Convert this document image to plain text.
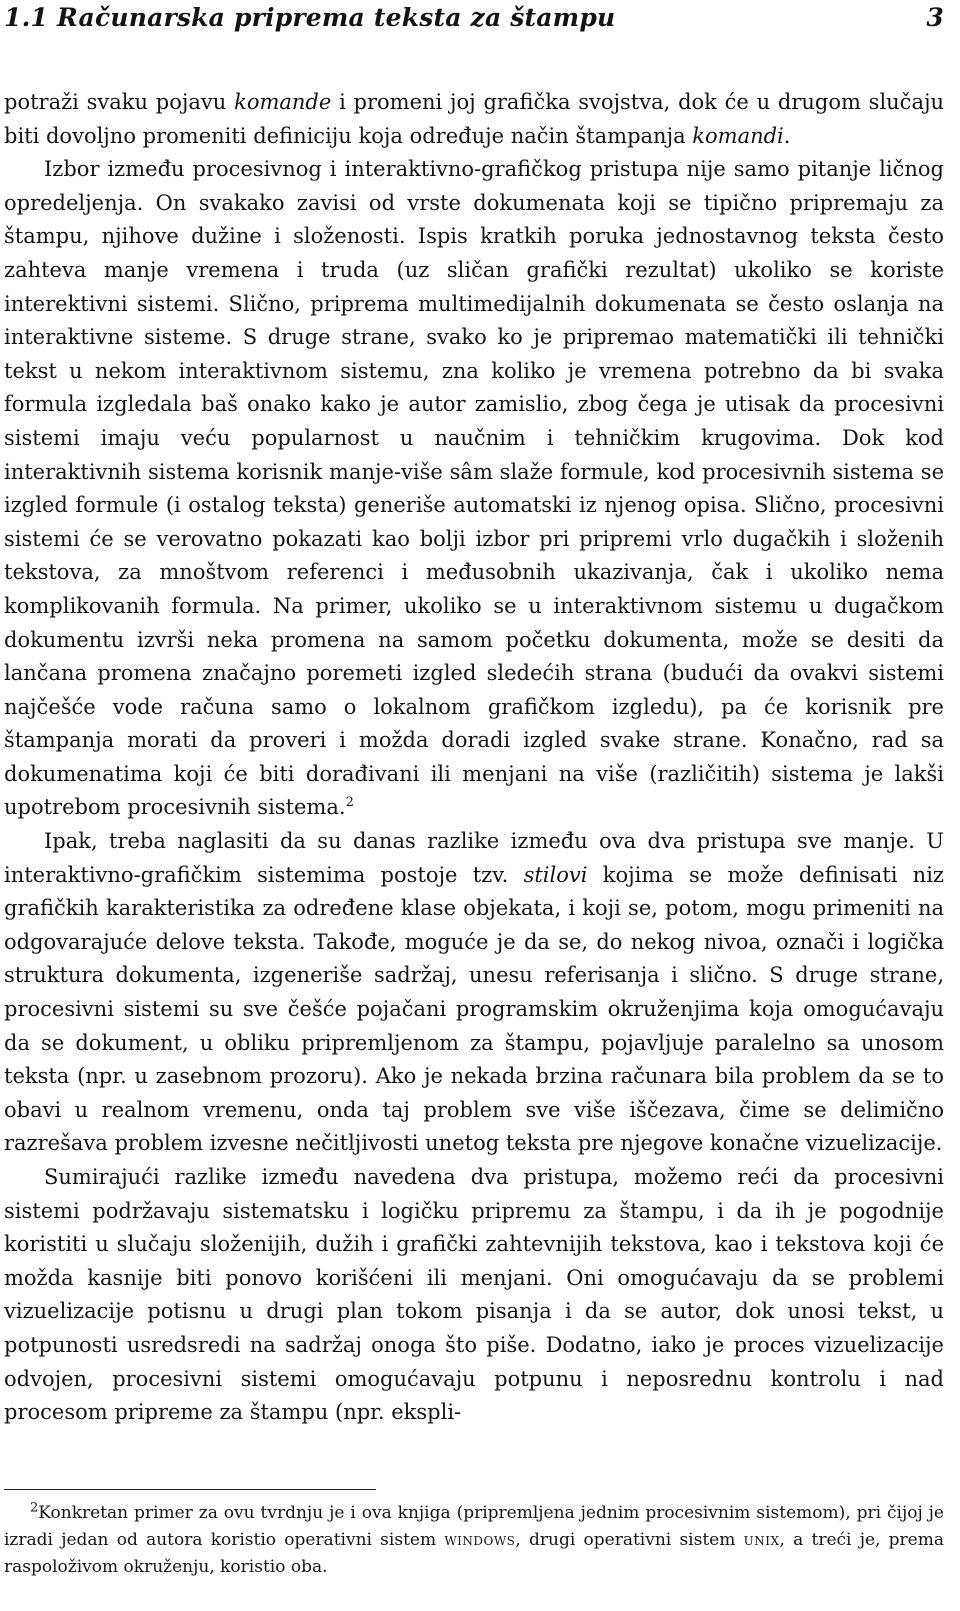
1.1 Računarska priprema teksta za štampu	3

potraži svaku pojavu komande i promeni joj grafička svojstva, dok će u drugom slučaju biti dovoljno promeniti definiciju koja određuje način štampanja komandi.

Izbor između procesivnog i interaktivno-grafičkog pristupa nije samo pitanje ličnog opredeljenja. On svakako zavisi od vrste dokumenata koji se tipično pripremaju za štampu, njihove dužine i složenosti. Ispis kratkih poruka jednostavnog teksta često zahteva manje vremena i truda (uz sličan grafički rezultat) ukoliko se koriste interektivni sistemi. Slično, priprema multimedijalnih dokumenata se često oslanja na interaktivne sisteme. S druge strane, svako ko je pripremao matematički ili tehnički tekst u nekom interaktivnom sistemu, zna koliko je vremena potrebno da bi svaka formula izgledala baš onako kako je autor zamislio, zbog čega je utisak da procesivni sistemi imaju veću popularnost u naučnim i tehničkim krugovima. Dok kod interaktivnih sistema korisnik manje-više sâm slaže formule, kod procesivnih sistema se izgled formule (i ostalog teksta) generiše automatski iz njenog opisa. Slično, procesivni sistemi će se verovatno pokazati kao bolji izbor pri pripremi vrlo dugačkih i složenih tekstova, za mnoštvom referenci i međusobnih ukazivanja, čak i ukoliko nema komplikovanih formula. Na primer, ukoliko se u interaktivnom sistemu u dugačkom dokumentu izvrši neka promena na samom početku dokumenta, može se desiti da lančana promena značajno poremeti izgled sledećih strana (budući da ovakvi sistemi najčešće vode računa samo o lokalnom grafičkom izgledu), pa će korisnik pre štampanja morati da proveri i možda doradi izgled svake strane. Konačno, rad sa dokumenatima koji će biti dorađivani ili menjani na više (različitih) sistema je lakši upotrebom procesivnih sistema.$^2$

Ipak, treba naglasiti da su danas razlike između ova dva pristupa sve manje. U interaktivno-grafičkim sistemima postoje tzv. stilovi kojima se može definisati niz grafičkih karakteristika za određene klase objekata, i koji se, potom, mogu primeniti na odgovarajuće delove teksta. Takođe, moguće je da se, do nekog nivoa, označi i logička struktura dokumenta, izgeneriše sadržaj, unesu referisanja i slično. S druge strane, procesivni sistemi su sve češće pojačani programskim okruženjima koja omogućavaju da se dokument, u obliku pripremljenom za štampu, pojavljuje paralelno sa unosom teksta (npr. u zasebnom prozoru). Ako je nekada brzina računara bila problem da se to obavi u realnom vremenu, onda taj problem sve više iščezava, čime se delimično razrešava problem izvesne nečitljivosti unetog teksta pre njegove konačne vizuelizacije.

Sumirajući razlike između navedena dva pristupa, možemo reći da procesivni sistemi podržavaju sistematsku i logičku pripremu za štampu, i da ih je pogodnije koristiti u slučaju složenijih, dužih i grafički zahtevnijih tekstova, kao i tekstova koji će možda kasnije biti ponovo korišćeni ili menjani. Oni omogućavaju da se problemi vizuelizacije potisnu u drugi plan tokom pisanja i da se autor, dok unosi tekst, u potpunosti usredsredi na sadržaj onoga što piše. Dodatno, iako je proces vizuelizacije odvojen, procesivni sistemi omogućavaju potpunu i neposrednu kontrolu i nad procesom pripreme za štampu (npr. ekspli-

$^2$Konkretan primer za ovu tvrdnju je i ova knjiga (pripremljena jednim procesivnim sistemom), pri čijoj je izradi jedan od autora koristio operativni sistem windows, drugi operativni sistem unix, a treći je, prema raspoloživom okruženju, koristio oba.
